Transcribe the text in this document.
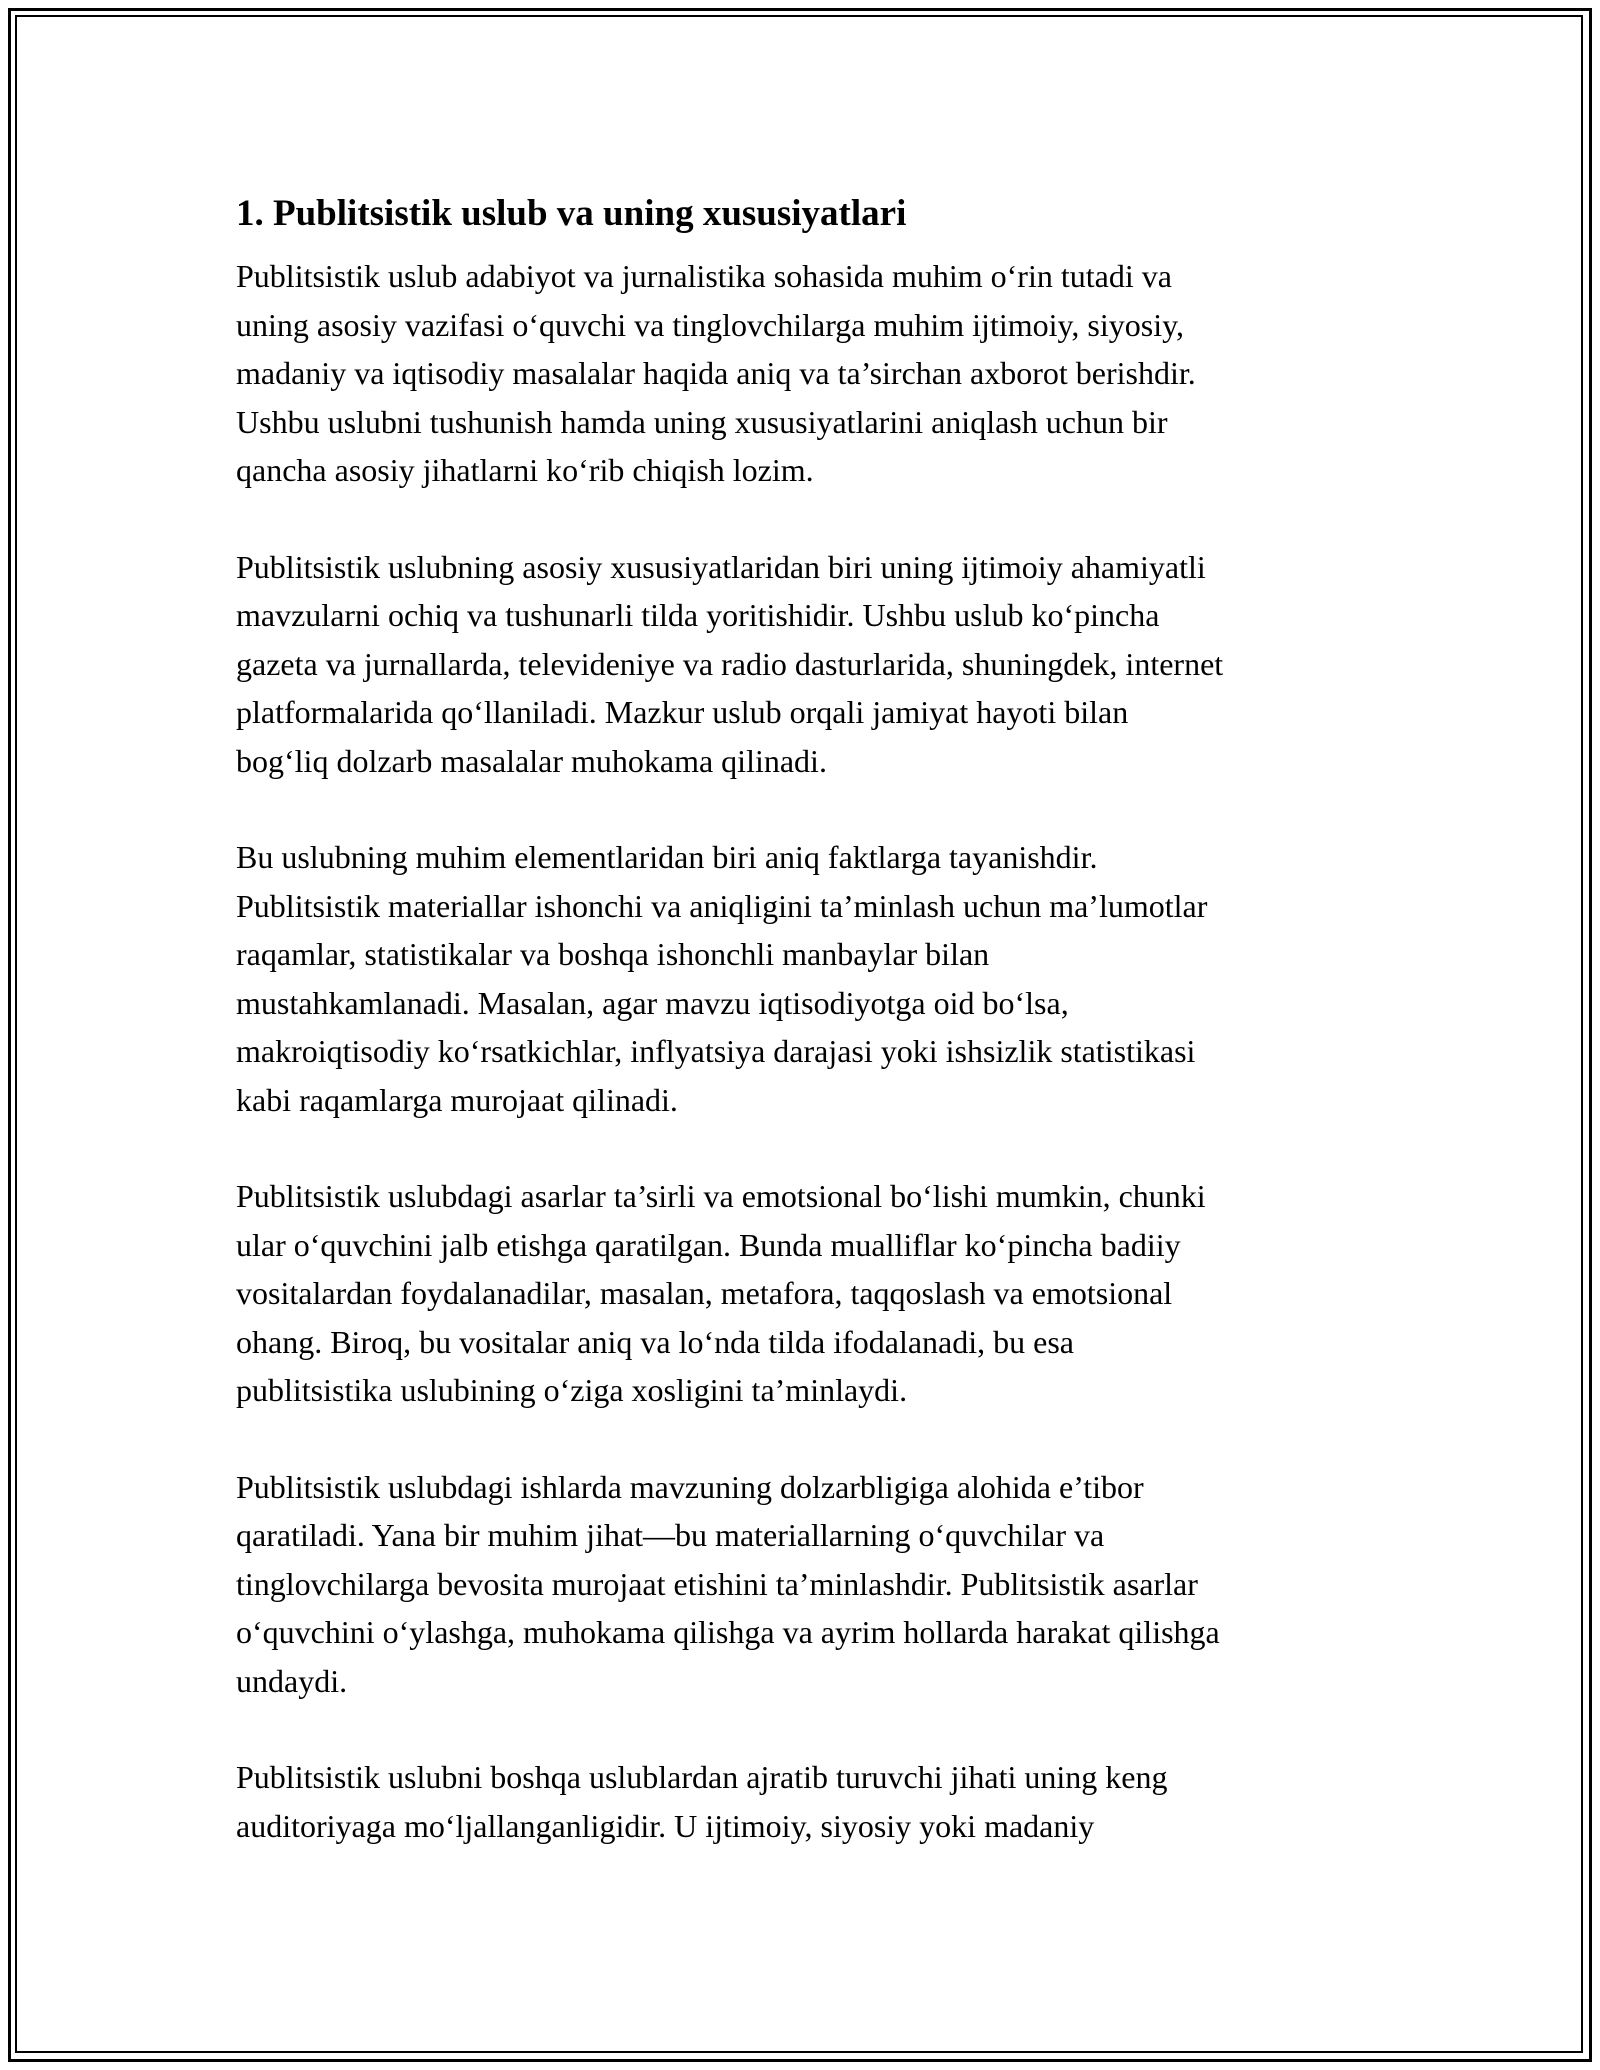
1. Publitsistik uslub va uning xususiyatlari
Publitsistik uslub adabiyot va jurnalistika sohasida muhim o‘rin tutadi va
uning asosiy vazifasi o‘quvchi va tinglovchilarga muhim ijtimoiy, siyosiy,
madaniy va iqtisodiy masalalar haqida aniq va ta’sirchan axborot berishdir.
Ushbu uslubni tushunish hamda uning xususiyatlarini aniqlash uchun bir
qancha asosiy jihatlarni ko‘rib chiqish lozim.
Publitsistik uslubning asosiy xususiyatlaridan biri uning ijtimoiy ahamiyatli
mavzularni ochiq va tushunarli tilda yoritishidir. Ushbu uslub ko‘pincha
gazeta va jurnallarda, televideniye va radio dasturlarida, shuningdek, internet
platformalarida qo‘llaniladi. Mazkur uslub orqali jamiyat hayoti bilan
bog‘liq dolzarb masalalar muhokama qilinadi.
Bu uslubning muhim elementlaridan biri aniq faktlarga tayanishdir.
Publitsistik materiallar ishonchi va aniqligini ta’minlash uchun ma’lumotlar
raqamlar, statistikalar va boshqa ishonchli manbaylar bilan
mustahkamlanadi. Masalan, agar mavzu iqtisodiyotga oid bo‘lsa,
makroiqtisodiy ko‘rsatkichlar, inflyatsiya darajasi yoki ishsizlik statistikasi
kabi raqamlarga murojaat qilinadi.
Publitsistik uslubdagi asarlar ta’sirli va emotsional bo‘lishi mumkin, chunki
ular o‘quvchini jalb etishga qaratilgan. Bunda mualliflar ko‘pincha badiiy
vositalardan foydalanadilar, masalan, metafora, taqqoslash va emotsional
ohang. Biroq, bu vositalar aniq va lo‘nda tilda ifodalanadi, bu esa
publitsistika uslubining o‘ziga xosligini ta’minlaydi.
Publitsistik uslubdagi ishlarda mavzuning dolzarbligiga alohida e’tibor
qaratiladi. Yana bir muhim jihat—bu materiallarning o‘quvchilar va
tinglovchilarga bevosita murojaat etishini ta’minlashdir. Publitsistik asarlar
o‘quvchini o‘ylashga, muhokama qilishga va ayrim hollarda harakat qilishga
undaydi.
Publitsistik uslubni boshqa uslublardan ajratib turuvchi jihati uning keng
auditoriyaga mo‘ljallanganligidir. U ijtimoiy, siyosiy yoki madaniy
